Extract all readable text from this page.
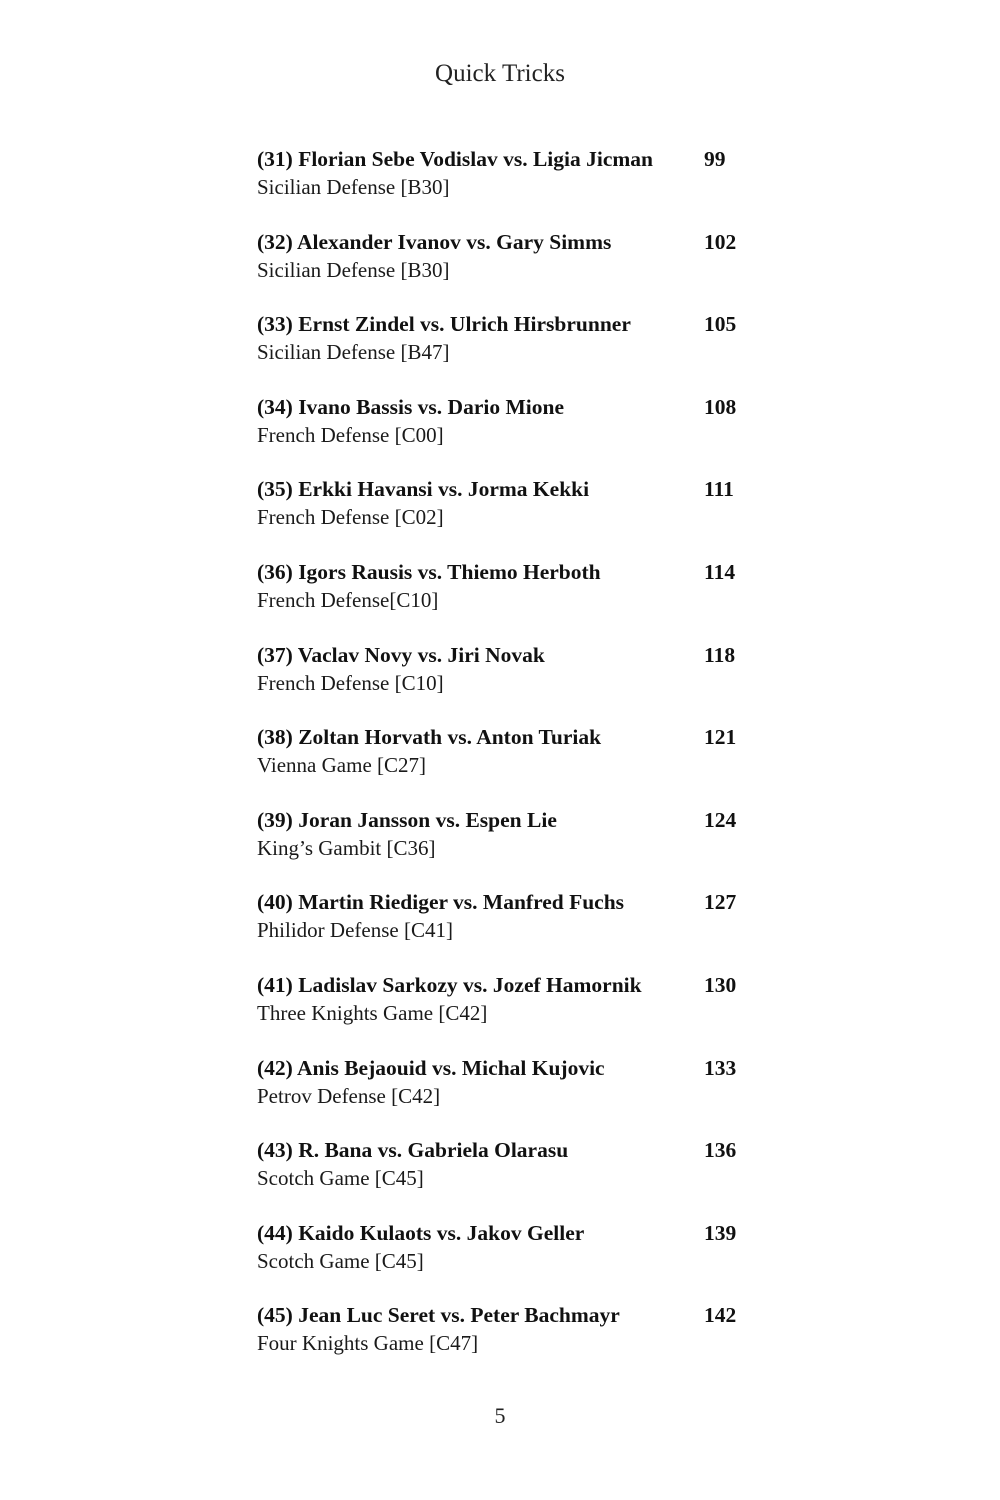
Quick Tricks
(31) Florian Sebe Vodislav vs. Ligia Jicman 99
Sicilian Defense [B30]
(32) Alexander Ivanov vs. Gary Simms	102
Sicilian Defense [B30]
(33) Ernst Zindel vs. Ulrich Hirsbrunner	105
Sicilian Defense [B47]
(34) Ivano Bassis vs. Dario Mione	108
French Defense [C00]
(35) Erkki Havansi vs. Jorma Kekki	111
French Defense [C02]
(36) Igors Rausis vs. Thiemo Herboth	114
French Defense[C10]
(37) Vaclav Novy vs. Jiri Novak	118
French Defense [C10]
(38) Zoltan Horvath vs. Anton Turiak	121
Vienna Game [C27]
(39) Joran Jansson vs. Espen Lie	124
King’s Gambit [C36]
(40) Martin Riediger vs. Manfred Fuchs	127
Philidor Defense [C41]
(41) Ladislav Sarkozy vs. Jozef Hamornik	130
Three Knights Game [C42]
(42) Anis Bejaouid vs. Michal Kujovic	133
Petrov Defense [C42]
(43) R. Bana vs. Gabriela Olarasu	136
Scotch Game [C45]
(44) Kaido Kulaots vs. Jakov Geller	139
Scotch Game [C45]
(45) Jean Luc Seret vs. Peter Bachmayr	142
Four Knights Game [C47]
5
